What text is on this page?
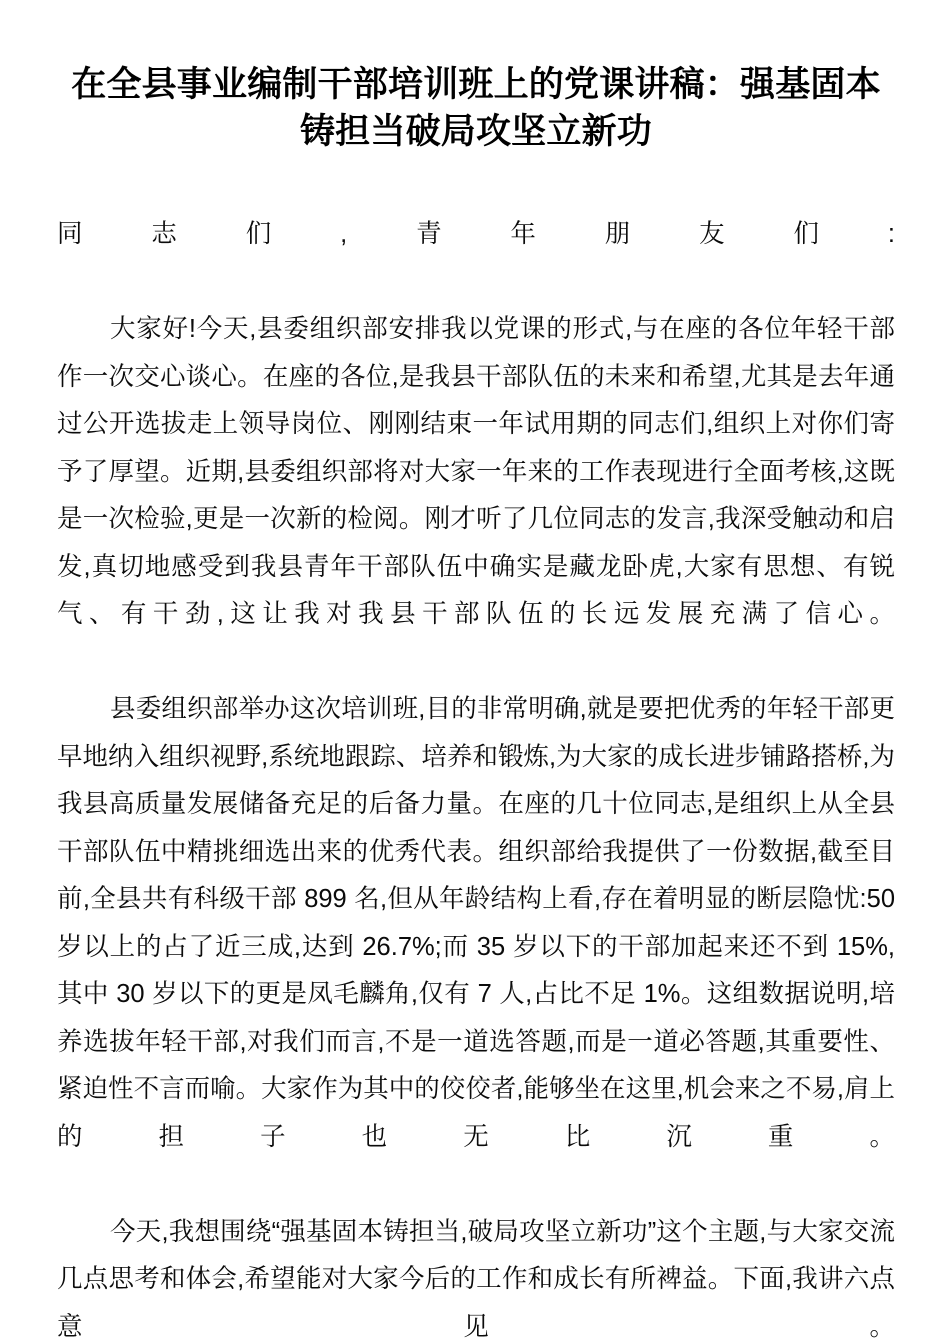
在全县事业编制干部培训班上的党课讲稿：强基固本铸担当破局攻坚立新功

同志们,青年朋友们:

大家好!今天,县委组织部安排我以党课的形式,与在座的各位年轻干部作一次交心谈心。在座的各位,是我县干部队伍的未来和希望,尤其是去年通过公开选拔走上领导岗位、刚刚结束一年试用期的同志们,组织上对你们寄予了厚望。近期,县委组织部将对大家一年来的工作表现进行全面考核,这既是一次检验,更是一次新的检阅。刚才听了几位同志的发言,我深受触动和启发,真切地感受到我县青年干部队伍中确实是藏龙卧虎,大家有思想、有锐气、有干劲,这让我对我县干部队伍的长远发展充满了信心。

县委组织部举办这次培训班,目的非常明确,就是要把优秀的年轻干部更早地纳入组织视野,系统地跟踪、培养和锻炼,为大家的成长进步铺路搭桥,为我县高质量发展储备充足的后备力量。在座的几十位同志,是组织上从全县干部队伍中精挑细选出来的优秀代表。组织部给我提供了一份数据,截至目前,全县共有科级干部 899 名,但从年龄结构上看,存在着明显的断层隐忧:50 岁以上的占了近三成,达到 26.7%;而 35 岁以下的干部加起来还不到 15%,其中 30 岁以下的更是凤毛麟角,仅有 7 人,占比不足 1%。这组数据说明,培养选拔年轻干部,对我们而言,不是一道选答题,而是一道必答题,其重要性、紧迫性不言而喻。大家作为其中的佼佼者,能够坐在这里,机会来之不易,肩上的担子也无比沉重。

今天,我想围绕“强基固本铸担当,破局攻坚立新功”这个主题,与大家交流几点思考和体会,希望能对大家今后的工作和成长有所裨益。下面,我讲六点意见。
